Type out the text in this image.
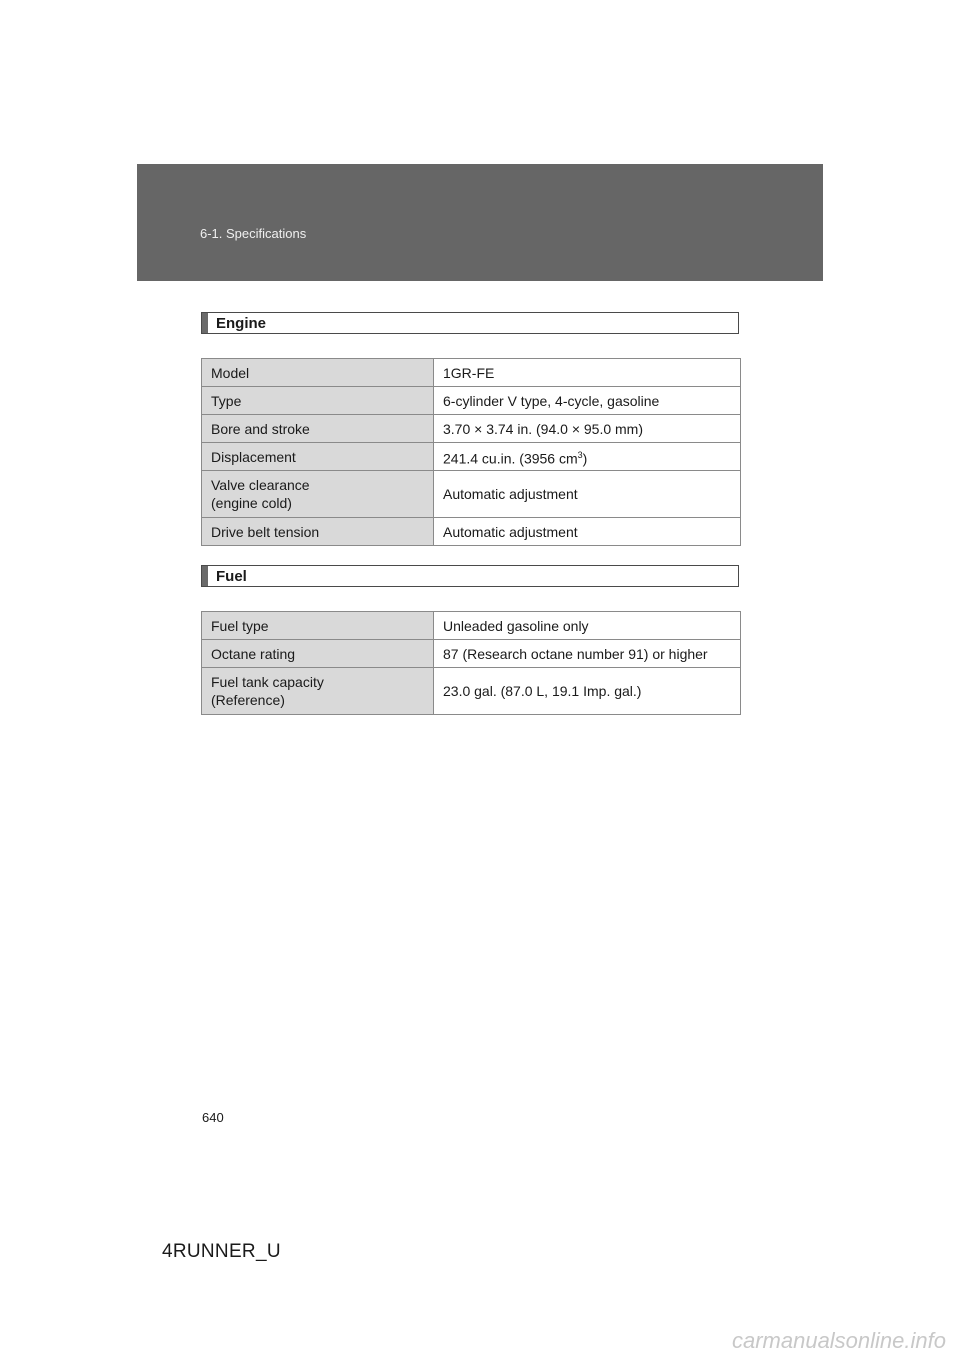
6-1. Specifications
Engine
Model	1GR-FE
Type	6-cylinder V type, 4-cycle, gasoline
Bore and stroke	3.70 × 3.74 in. (94.0 × 95.0 mm)
Displacement	241.4 cu.in. (3956 $cm^3$)

Valve clearance
(engine cold)	Automatic adjustment
Drive belt tension	Automatic adjustment
Fuel
Fuel type	Unleaded gasoline only
Octane rating	87 (Research octane number 91) or higher

Fuel tank capacity
(Reference)	23.0 gal. (87.0 L, 19.1 Imp. gal.)
640
4RUNNER_U
carmanualsonline.info
